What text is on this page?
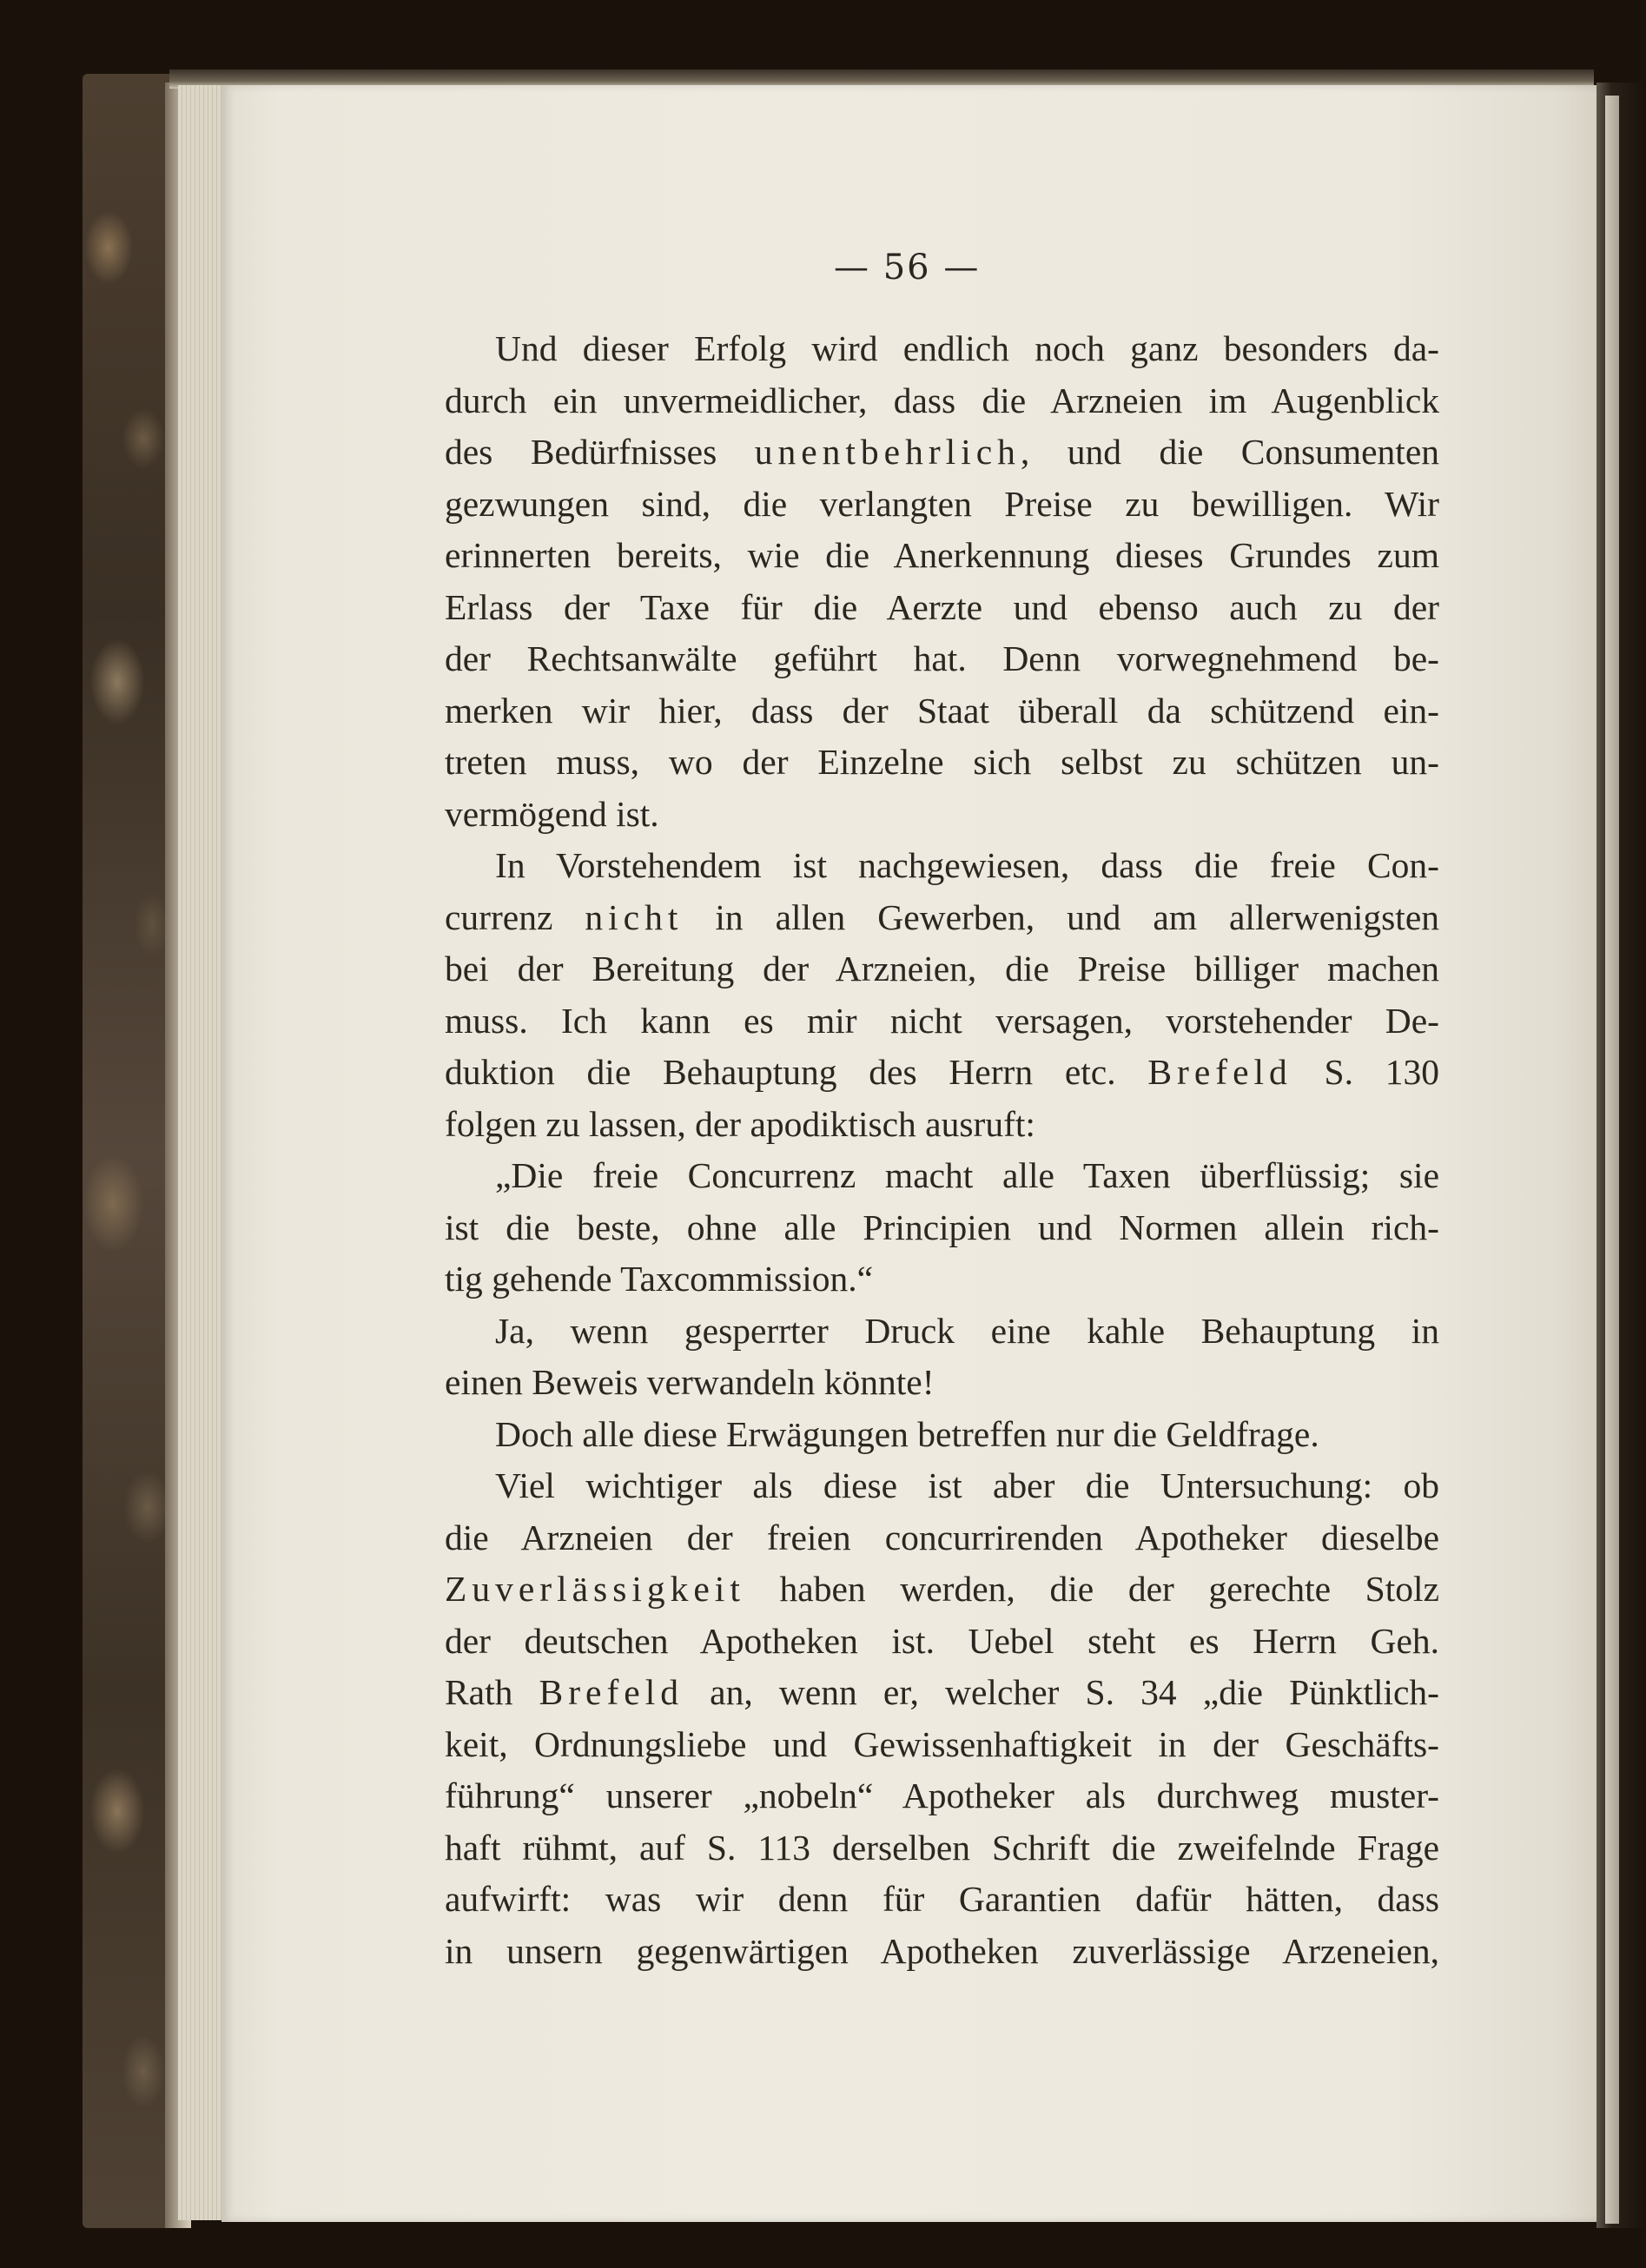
— 56 —
Und dieser Erfolg wird endlich noch ganz besonders da-
durch ein unvermeidlicher, dass die Arzneien im Augenblick
des Bedürfnisses unentbehrlich, und die Consumenten
gezwungen sind, die verlangten Preise zu bewilligen. Wir
erinnerten bereits, wie die Anerkennung dieses Grundes zum
Erlass der Taxe für die Aerzte und ebenso auch zu der
der Rechtsanwälte geführt hat. Denn vorwegnehmend be-
merken wir hier, dass der Staat überall da schützend ein-
treten muss, wo der Einzelne sich selbst zu schützen un-
vermögend ist.
In Vorstehendem ist nachgewiesen, dass die freie Con-
currenz nicht in allen Gewerben, und am allerwenigsten
bei der Bereitung der Arzneien, die Preise billiger machen
muss. Ich kann es mir nicht versagen, vorstehender De-
duktion die Behauptung des Herrn etc. Brefeld S. 130
folgen zu lassen, der apodiktisch ausruft:
„Die freie Concurrenz macht alle Taxen überflüssig; sie
ist die beste, ohne alle Principien und Normen allein rich-
tig gehende Taxcommission.“
Ja, wenn gesperrter Druck eine kahle Behauptung in
einen Beweis verwandeln könnte!
Doch alle diese Erwägungen betreffen nur die Geldfrage.
Viel wichtiger als diese ist aber die Untersuchung: ob
die Arzneien der freien concurrirenden Apotheker dieselbe
Zuverlässigkeit haben werden, die der gerechte Stolz
der deutschen Apotheken ist. Uebel steht es Herrn Geh.
Rath Brefeld an, wenn er, welcher S. 34 „die Pünktlich-
keit, Ordnungsliebe und Gewissenhaftigkeit in der Geschäfts-
führung“ unserer „nobeln“ Apotheker als durchweg muster-
haft rühmt, auf S. 113 derselben Schrift die zweifelnde Frage
aufwirft: was wir denn für Garantien dafür hätten, dass
in unsern gegenwärtigen Apotheken zuverlässige Arzeneien,
